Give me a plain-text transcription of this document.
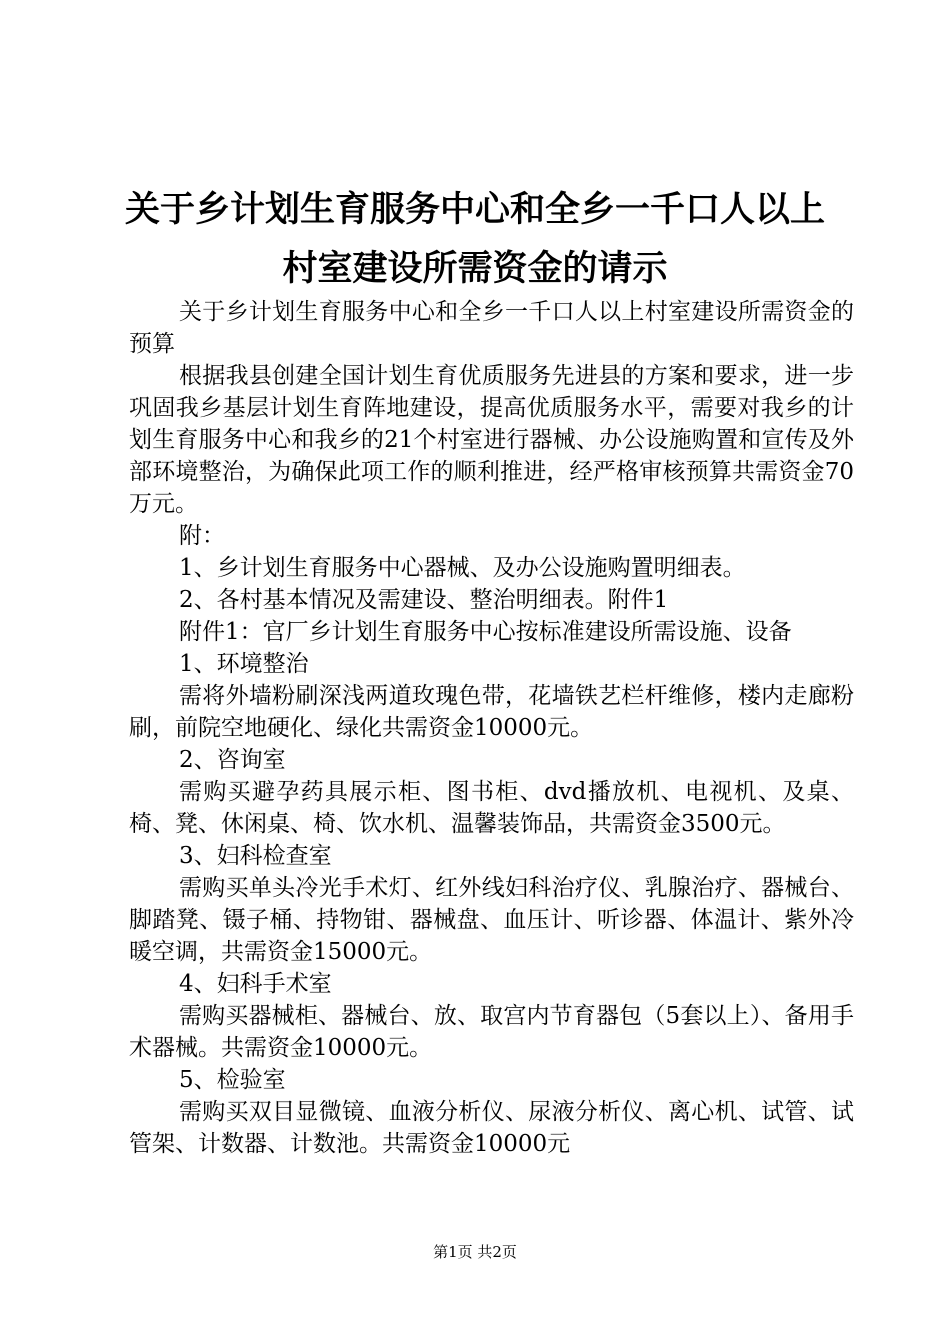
关于乡计划生育服务中心和全乡一千口人以上
村室建设所需资金的请示

关于乡计划生育服务中心和全乡一千口人以上村室建设所需资金的预算

根据我县创建全国计划生育优质服务先进县的方案和要求，进一步巩固我乡基层计划生育阵地建设，提高优质服务水平，需要对我乡的计划生育服务中心和我乡的21个村室进行器械、办公设施购置和宣传及外部环境整治，为确保此项工作的顺利推进，经严格审核预算共需资金70万元。

附：

1、乡计划生育服务中心器械、及办公设施购置明细表。

2、各村基本情况及需建设、整治明细表。附件1

附件1：官厂乡计划生育服务中心按标准建设所需设施、设备

1、环境整治

需将外墙粉刷深浅两道玫瑰色带，花墙铁艺栏杆维修，楼内走廊粉刷，前院空地硬化、绿化共需资金10000元。

2、咨询室

需购买避孕药具展示柜、图书柜、dvd播放机、电视机、及桌、椅、凳、休闲桌、椅、饮水机、温馨装饰品，共需资金3500元。

3、妇科检查室

需购买单头冷光手术灯、红外线妇科治疗仪、乳腺治疗、器械台、脚踏凳、镊子桶、持物钳、器械盘、血压计、听诊器、体温计、紫外冷暖空调，共需资金15000元。

4、妇科手术室

需购买器械柜、器械台、放、取宫内节育器包（5套以上）、备用手术器械。共需资金10000元。

5、检验室

需购买双目显微镜、血液分析仪、尿液分析仪、离心机、试管、试管架、计数器、计数池。共需资金10000元

第1页 共2页
